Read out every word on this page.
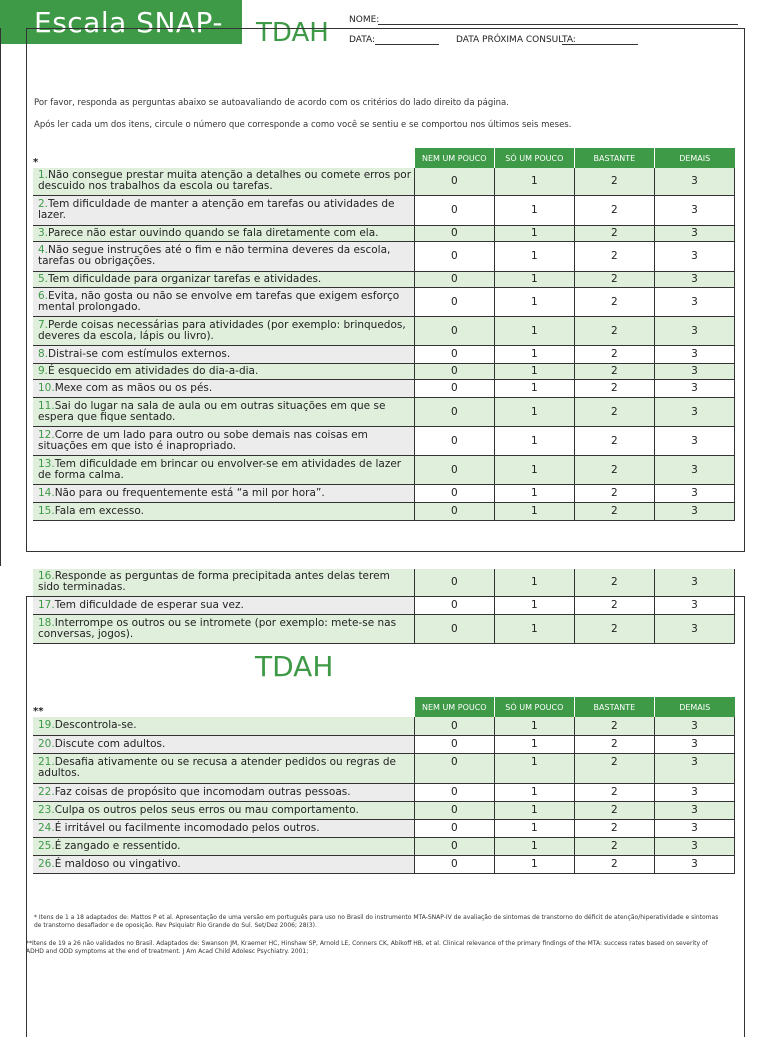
Escala SNAP- TDAH NOME:
DATA:	DATA PRÓXIMA CONSULTA:
Por favor, responda as perguntas abaixo se autoavaliando de acordo com os critérios do lado direito da página.
Após ler cada um dos itens, circule o número que corresponde a como você se sentiu e se comportou nos últimos seis meses.
*	NEM UM POUCO	SÓ UM POUCO	BASTANTE	DEMAIS
1.Não consegue prestar muita atenção a detalhes ou comete erros por descuido nos trabalhos da escola ou tarefas.	0	1	2	3
2.Tem dificuldade de manter a atenção em tarefas ou atividades de lazer.	0	1	2	3
3.Parece não estar ouvindo quando se fala diretamente com ela.	0	1	2	3
4.Não segue instruções até o fim e não termina deveres da escola, tarefas ou obrigações.	0	1	2	3
5.Tem dificuldade para organizar tarefas e atividades.	0	1	2	3
6.Evita, não gosta ou não se envolve em tarefas que exigem esforço mental prolongado.	0	1	2	3
7.Perde coisas necessárias para atividades (por exemplo: brinquedos, deveres da escola, lápis ou livro).	0	1	2	3
8.Distrai-se com estímulos externos.	0	1	2	3
9.É esquecido em atividades do dia-a-dia.	0	1	2	3
10.Mexe com as mãos ou os pés.	0	1	2	3
11.Sai do lugar na sala de aula ou em outras situações em que se espera que fique sentado.	0	1	2	3
12.Corre de um lado para outro ou sobe demais nas coisas em situações em que isto é inapropriado.	0	1	2	3
13.Tem dificuldade em brincar ou envolver-se em atividades de lazer de forma calma.	0	1	2	3
14.Não para ou frequentemente está “a mil por hora”.	0	1	2	3
15.Fala em excesso.	0	1	2	3
16.Responde as perguntas de forma precipitada antes delas terem sido terminadas.	0	1	2	3
17.Tem dificuldade de esperar sua vez.	0	1	2	3
18.Interrompe os outros ou se intromete (por exemplo: mete-se nas conversas, jogos).	0	1	2	3
**	NEM UM POUCO	SÓ UM POUCO	BASTANTE	DEMAIS
19.Descontrola-se.	0	1	2	3
20.Discute com adultos.	0	1	2	3
21.Desafia ativamente ou se recusa a atender pedidos ou regras de adultos.	0	1	2	3
22.Faz coisas de propósito que incomodam outras pessoas.	0	1	2	3
23.Culpa os outros pelos seus erros ou mau comportamento.	0	1	2	3
24.É irritável ou facilmente incomodado pelos outros.	0	1	2	3
25.É zangado e ressentido.	0	1	2	3
26.É maldoso ou vingativo.	0	1	2	3
TDAH
* Itens de 1 a 18 adaptados de: Mattos P et al. Apresentação de uma versão em português para uso no Brasil do instrumento MTA-SNAP-IV de avaliação de sintomas de transtorno do déficit de atenção/hiperatividade e sintomas de transtorno desafiador e de oposição. Rev Psiquiatr Rio Grande do Sul. Set/Dez 2006; 28(3).
**Itens de 19 a 26 não validados no Brasil. Adaptados de: Swanson JM, Kraemer HC, Hinshaw SP, Arnold LE, Conners CK, Abikoff HB, et al. Clinical relevance of the primary findings of the MTA: success rates based on severity of ADHD and ODD symptoms at the end of treatment. J Am Acad Child Adolesc Psychiatry. 2001;
